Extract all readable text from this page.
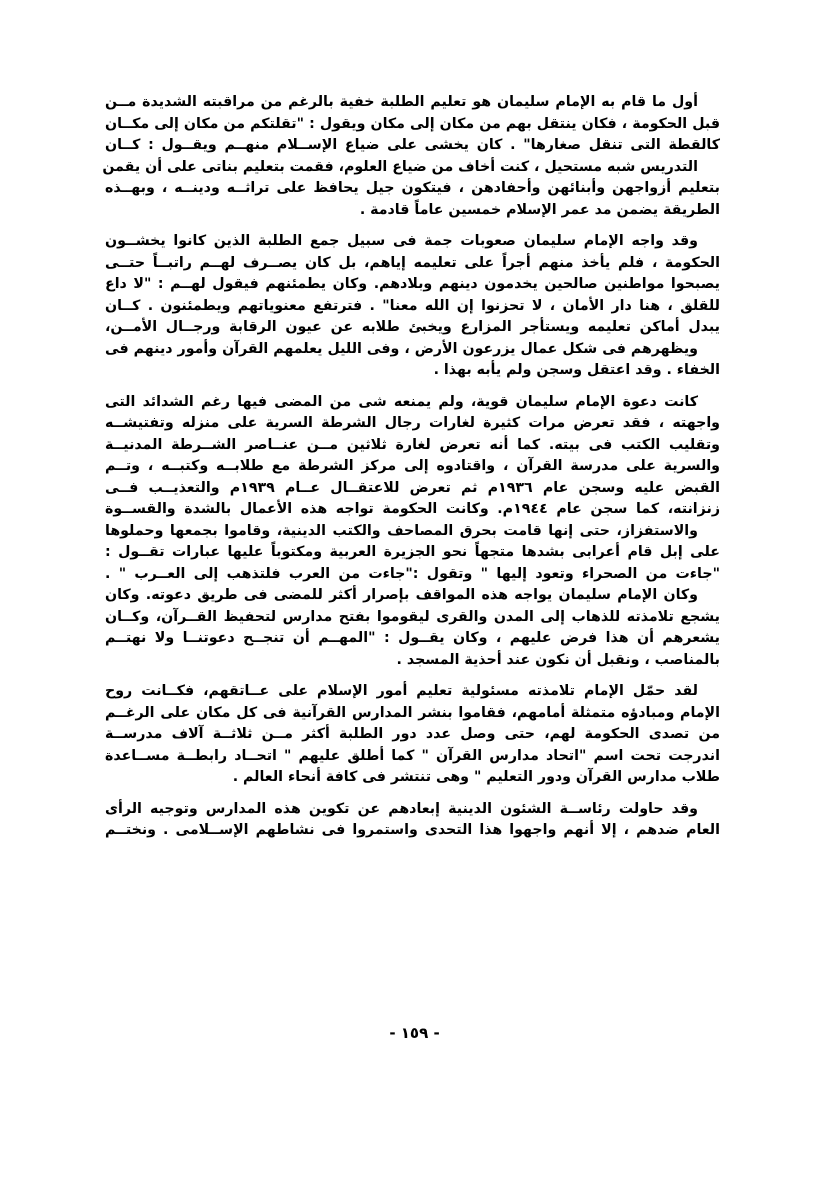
أول ما قام به الإمام سليمان هو تعليم الطلبة خفية بالرغم من مراقبته الشديدة مــن
قبل الحكومة ، فكان ينتقل بهم من مكان إلى مكان ويقول : "تقلتكم من مكان إلى مكــان
كالقطة التى تنقل صغارها" . كان يخشى على ضياع الإســلام منهــم ويقــول : كــان
التدريس شبه مستحيل ، كنت أخاف من ضياع العلوم، فقمت بتعليم بناتى على أن يقمن
بتعليم أزواجهن وأبنائهن وأحفادهن ، فيتكون جيل يحافظ على تراثــه ودينــه ، وبهــذه
الطريقة يضمن مد عمر الإسلام خمسين عاماً قادمة .
وقد واجه الإمام سليمان صعوبات جمة فى سبيل جمع الطلبة الذين كانوا يخشــون
الحكومة ، فلم يأخذ منهم أجراً على تعليمه إياهم، بل كان يصــرف لهــم راتبــاً حتــى
يصبحوا مواطنين صالحين يخدمون دينهم وبلادهم. وكان يطمئنهم فيقول لهــم : "لا داع
للقلق ، هنا دار الأمان ، لا تحزنوا إن الله معنا" . فترتفع معنوياتهم ويطمئنون . كــان
يبدل أماكن تعليمه ويستأجر المزارع ويخبئ طلابه عن عيون الرقابة ورجــال الأمــن،
ويظهرهم فى شكل عمال يزرعون الأرض ، وفى الليل يعلمهم القرآن وأمور دينهم فى
الخفاء . وقد اعتقل وسجن ولم يأبه بهذا .
كانت دعوة الإمام سليمان قوية، ولم يمنعه شى من المضى فيها رغم الشدائد التى
واجهته ، فقد تعرض مرات كثيرة لغارات رجال الشرطة السرية على منزله وتفتيشــه
وتقليب الكتب فى بيته. كما أنه تعرض لغارة ثلاثين مــن عنــاصر الشــرطة المدنيــة
والسرية على مدرسة القرآن ، واقتادوه إلى مركز الشرطة مع طلابــه وكتبــه ، وتــم
القبض عليه وسجن عام ١٩٣٦م ثم تعرض للاعتقــال عــام ١٩٣٩م والتعذيــب فــى
زنزانته، كما سجن عام ١٩٤٤م. وكانت الحكومة تواجه هذه الأعمال بالشدة والقســوة
والاستفزاز، حتى إنها قامت بحرق المصاحف والكتب الدينية، وقاموا بجمعها وحملوها
على إبل قام أعرابى بشدها متجهاً نحو الجزيرة العربية ومكتوباً عليها عبارات تقــول :
"جاءت من الصحراء وتعود إليها " وتقول :"جاءت من العرب فلتذهب إلى العــرب " .
وكان الإمام سليمان يواجه هذه المواقف بإصرار أكثر للمضى فى طريق دعوته. وكان
يشجع تلامذته للذهاب إلى المدن والقرى ليقوموا بفتح مدارس لتحفيظ القــرآن، وكــان
يشعرهم أن هذا فرض عليهم ، وكان يقــول : "المهــم أن تنجــح دعوتنــا ولا نهتــم
بالمناصب ، ونقبل أن نكون عند أحذية المسجد .
لقد حمّل الإمام تلامذته مسئولية تعليم أمور الإسلام على عــاتقهم، فكــانت روح
الإمام ومبادؤه متمثلة أمامهم، فقاموا بنشر المدارس القرآنية فى كل مكان على الرغــم
من تصدى الحكومة لهم، حتى وصل عدد دور الطلبة أكثر مــن ثلاثــة آلاف مدرســة
اندرجت تحت اسم "اتحاد مدارس القرآن " كما أطلق عليهم " اتحــاد رابطــة مســاعدة
طلاب مدارس القرآن ودور التعليم " وهى تنتشر فى كافة أنحاء العالم .
وقد حاولت رئاســة الشئون الدينية إبعادهم عن تكوين هذه المدارس وتوجيه الرأى
العام ضدهم ، إلا أنهم واجهوا هذا التحدى واستمروا فى نشاطهم الإســلامى . ونختــم
- ١٥٩ -
